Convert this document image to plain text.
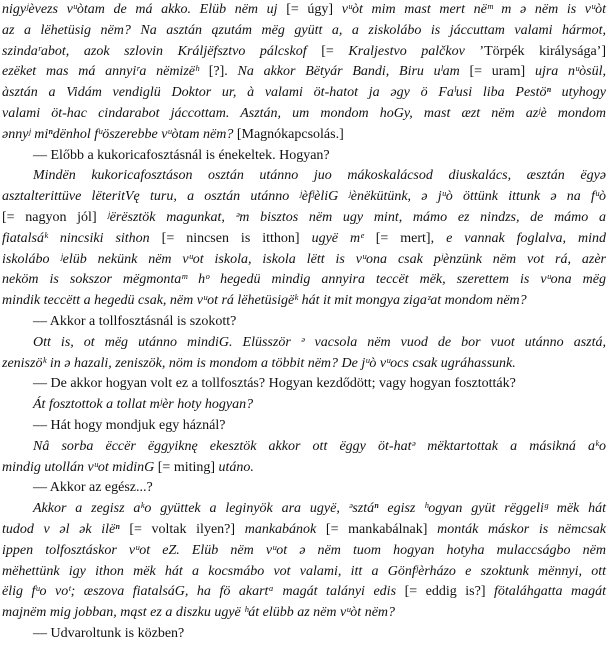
nigyʲèvezs vᵘòtam de má akko. Elüb nëm uj [= úgy] vᵘòt mim mast mert nëᵐ m ə nëm is vᵘòt
az a lëhetüsig nëm? Na asztán ązutám mëg gyütt a, a ziskolábo is jáccuttam valami hármot,
szindaʳabot, azok szlovin Králjëfsztvo pálcskof [= Kraljestvo palčkov ’Törpék királysága’]
ezëket mas má annyiʳa nëmizëʰ [?]. Na akkor Bëtyár Bandi, Biru uˡam [= uram] ujra nᵘòsül,
àsztán a Vidám vendiglü Doktor ur, à valami öt-hatot ja əgy ö Faˡusi liba Pestöⁿ utyhogy
valami öt-hac cindarabot jáccottam. Asztán, um mondom hoGy, mast æzt nëm azʲè mondom
ənnyʲ miⁿdënhol fᵘöszerebbe vᵘòtam nëm? [Magnókapcsolás.]
— Előbb a kukoricafosztásnál is énekeltek. Hogyan?
Mindën kukoricafosztáson osztán utánno juo mákoskalácsod diuskalács, æsztán ëgyə
asztalterittüve lëteritVę turu, a osztán utánno ʲèfʲèliG ʲènëkütünk, ə jᵘò öttünk ittunk ə na fᵘò
[= nagyon jól] ʲërësztök magunkat, ᵊm bisztos nëm ugy mint, mámo ez nindzs, de mámo a
fiatalsáᵏ nincsiki sithon [= nincsen is itthon] ugyë mᵉ [= mert], e vannak foglalva, mind
iskolábo ʲelüb nekünk nëm vᵘot iskola, iskola lëtt is vᵘona csak pʲènzünk nëm vot rá, azèr
neköm is sokszor mëgmontaᵐ hᵒ hegedü mindig annyira teccët mëk, szerettem is vᵘona mëg
mindik teccëtt a hegedü csak, nëm vᵘot rá lëhetüsigëᵏ hát it mit mongya zigaᶻat mondom nëm?
— Akkor a tollfosztásnál is szokott?
Ott is, ot mëg utánno mindiG. Elüsször ᵊ vacsola nëm vuod de bor vuot utánno asztá,
zeniszöᵏ in ə hazali, zeniszök, nöm is mondom a többit nëm? De jᵘò vᵘocs csak ugráhassunk.
— De akkor hogyan volt ez a tollfosztás? Hogyan kezdődött; vagy hogyan fosztották?
Át fosztottok a tollat mʲèr hoty hogyan?
— Hát hogy mondjuk egy háznál?
Nâ sorba ëccër ëggyiknę ekesztök akkor ott ëggy öt-hatᵊ mëktartottak a másikná aᵏo
mindig utollán vᵘot midinG [= miting] utáno.
— Akkor az egész...?
Akkor a zegisz aᵏo gyüttek a leginyök ara ugyë, ᵊsztáⁿ egisz ʰogyan gyüt rëggeliᵍ mëk hát
tudod v əl ək ilëⁿ [= voltak ilyen?] mankabánok [= mankabálnak] monták máskor is nëmcsak
ippen tolfosztáskor vᵘot eZ. Elüb nëm vᵘot ə nëm tuom hogyan hotyha mulaccságbo nëm
mëhettünk igy ithon mëk hát a kocsmábo vot valami, itt a Gönfʲèrházo e szoktunk mënnyi, ott
ëlig fᵘo voᵗ; æszova fiatalsáG, ha fö akartᵃ magát talányi edis [= eddig is?] fötaláhgatta magát
majnëm mig jobban, mąst ez a diszku ugyë ʰát elübb az nëm vᵘòt nëm?
— Udvaroltunk is közben?
